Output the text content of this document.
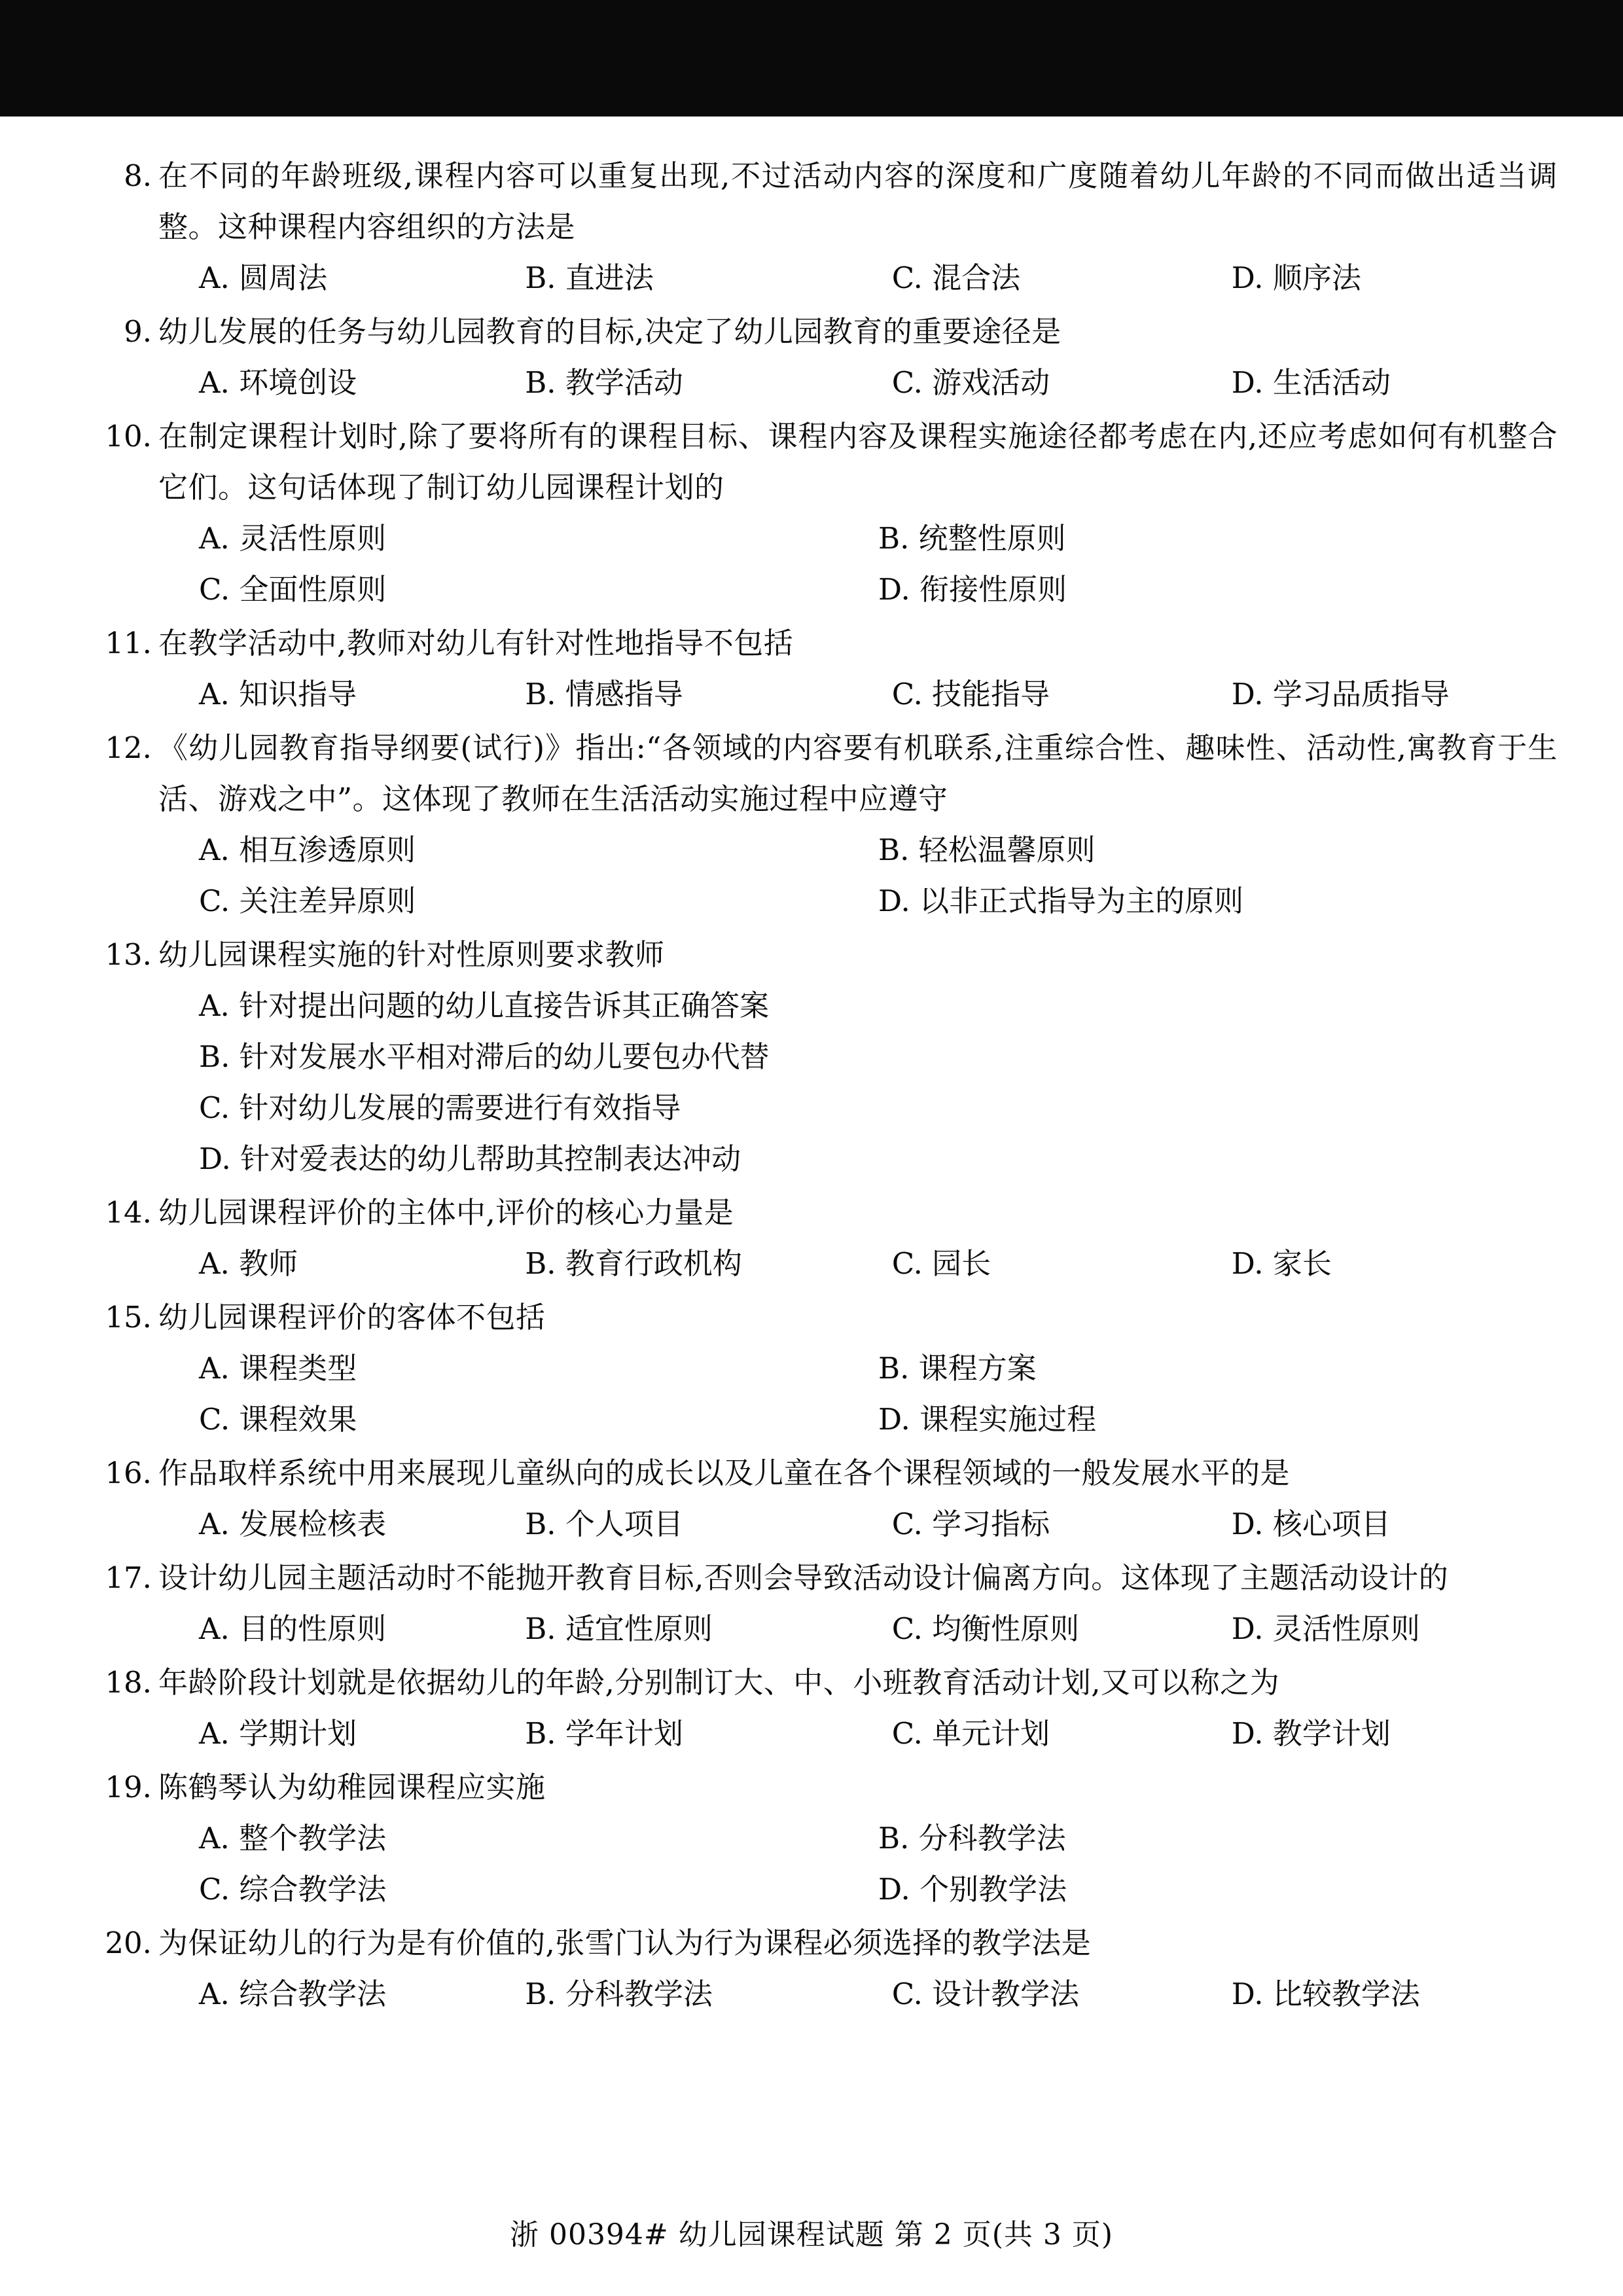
8. 在不同的年龄班级,课程内容可以重复出现,不过活动内容的深度和广度随着幼儿年龄的不同而做出适当调整。这种课程内容组织的方法是
A. 圆周法	B. 直进法	C. 混合法	D. 顺序法
9. 幼儿发展的任务与幼儿园教育的目标,决定了幼儿园教育的重要途径是
A. 环境创设	B. 教学活动	C. 游戏活动	D. 生活活动
10. 在制定课程计划时,除了要将所有的课程目标、课程内容及课程实施途径都考虑在内,还应考虑如何有机整合它们。这句话体现了制订幼儿园课程计划的
A. 灵活性原则	B. 统整性原则
C. 全面性原则	D. 衔接性原则
11. 在教学活动中,教师对幼儿有针对性地指导不包括
A. 知识指导	B. 情感指导	C. 技能指导	D. 学习品质指导
12. 《幼儿园教育指导纲要(试行)》指出:“各领域的内容要有机联系,注重综合性、趣味性、活动性,寓教育于生活、游戏之中”。这体现了教师在生活活动实施过程中应遵守
A. 相互渗透原则	B. 轻松温馨原则
C. 关注差异原则	D. 以非正式指导为主的原则
13. 幼儿园课程实施的针对性原则要求教师
A. 针对提出问题的幼儿直接告诉其正确答案
B. 针对发展水平相对滞后的幼儿要包办代替
C. 针对幼儿发展的需要进行有效指导
D. 针对爱表达的幼儿帮助其控制表达冲动
14. 幼儿园课程评价的主体中,评价的核心力量是
A. 教师	B. 教育行政机构	C. 园长	D. 家长
15. 幼儿园课程评价的客体不包括
A. 课程类型	B. 课程方案
C. 课程效果	D. 课程实施过程
16. 作品取样系统中用来展现儿童纵向的成长以及儿童在各个课程领域的一般发展水平的是
A. 发展检核表	B. 个人项目	C. 学习指标	D. 核心项目
17. 设计幼儿园主题活动时不能抛开教育目标,否则会导致活动设计偏离方向。这体现了主题活动设计的
A. 目的性原则	B. 适宜性原则	C. 均衡性原则	D. 灵活性原则
18. 年龄阶段计划就是依据幼儿的年龄,分别制订大、中、小班教育活动计划,又可以称之为
A. 学期计划	B. 学年计划	C. 单元计划	D. 教学计划
19. 陈鹤琴认为幼稚园课程应实施
A. 整个教学法	B. 分科教学法
C. 综合教学法	D. 个别教学法
20. 为保证幼儿的行为是有价值的,张雪门认为行为课程必须选择的教学法是
A. 综合教学法	B. 分科教学法	C. 设计教学法	D. 比较教学法
浙 00394# 幼儿园课程试题 第 2 页(共 3 页)
